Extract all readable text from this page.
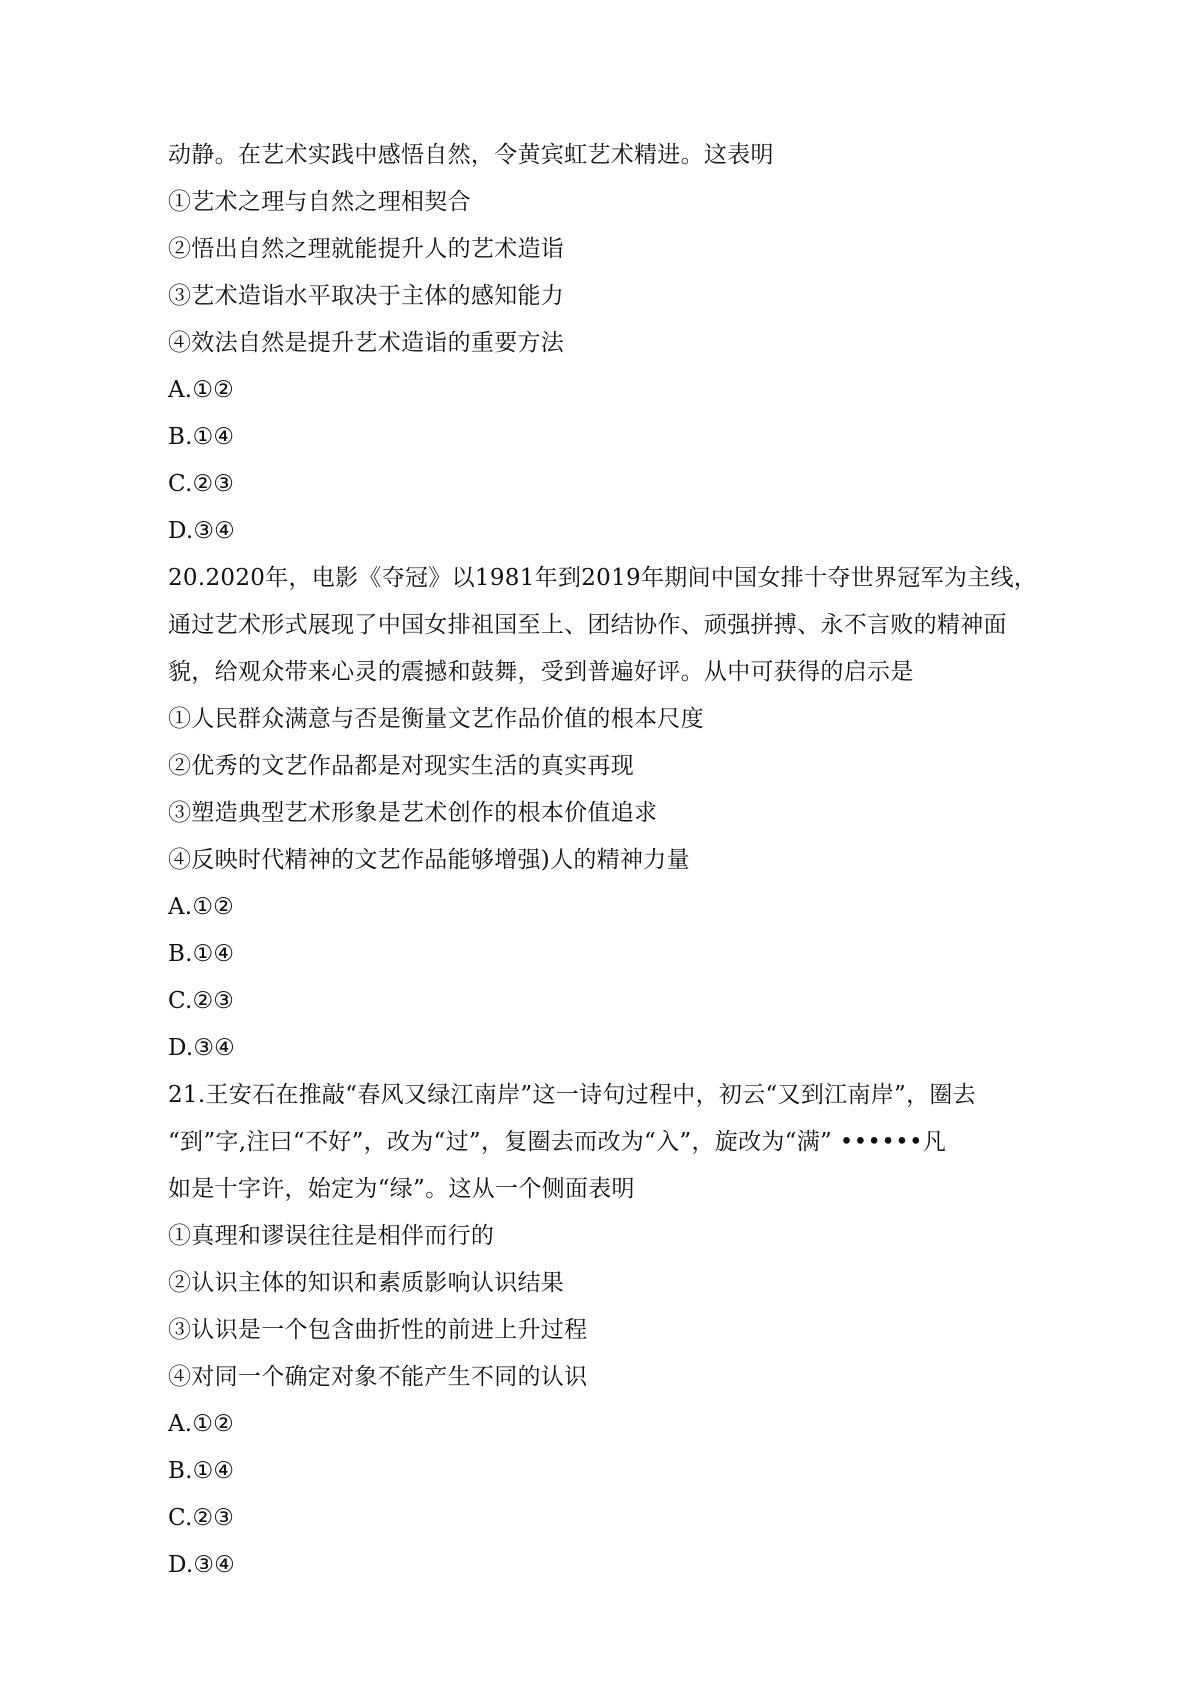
动静。在艺术实践中感悟自然，令黄宾虹艺术精进。这表明
①艺术之理与自然之理相契合
②悟出自然之理就能提升人的艺术造诣
③艺术造诣水平取决于主体的感知能力
④效法自然是提升艺术造诣的重要方法
A.①②
B.①④
C.②③
D.③④
20.2020年，电影《夺冠》以1981年到2019年期间中国女排十夺世界冠军为主线，
通过艺术形式展现了中国女排祖国至上、团结协作、顽强拼搏、永不言败的精神面
貌，给观众带来心灵的震撼和鼓舞，受到普遍好评。从中可获得的启示是
①人民群众满意与否是衡量文艺作品价值的根本尺度
②优秀的文艺作品都是对现实生活的真实再现
③塑造典型艺术形象是艺术创作的根本价值追求
④反映时代精神的文艺作品能够增强)人的精神力量
A.①②
B.①④
C.②③
D.③④
21.王安石在推敲“春风又绿江南岸”这一诗句过程中，初云“又到江南岸”，圈去
“到”字,注曰“不好”，改为“过”，复圈去而改为“入”，旋改为“满” ••••••凡
如是十字许，始定为“绿”。这从一个侧面表明
①真理和谬误往往是相伴而行的
②认识主体的知识和素质影响认识结果
③认识是一个包含曲折性的前进上升过程
④对同一个确定对象不能产生不同的认识
A.①②
B.①④
C.②③
D.③④
